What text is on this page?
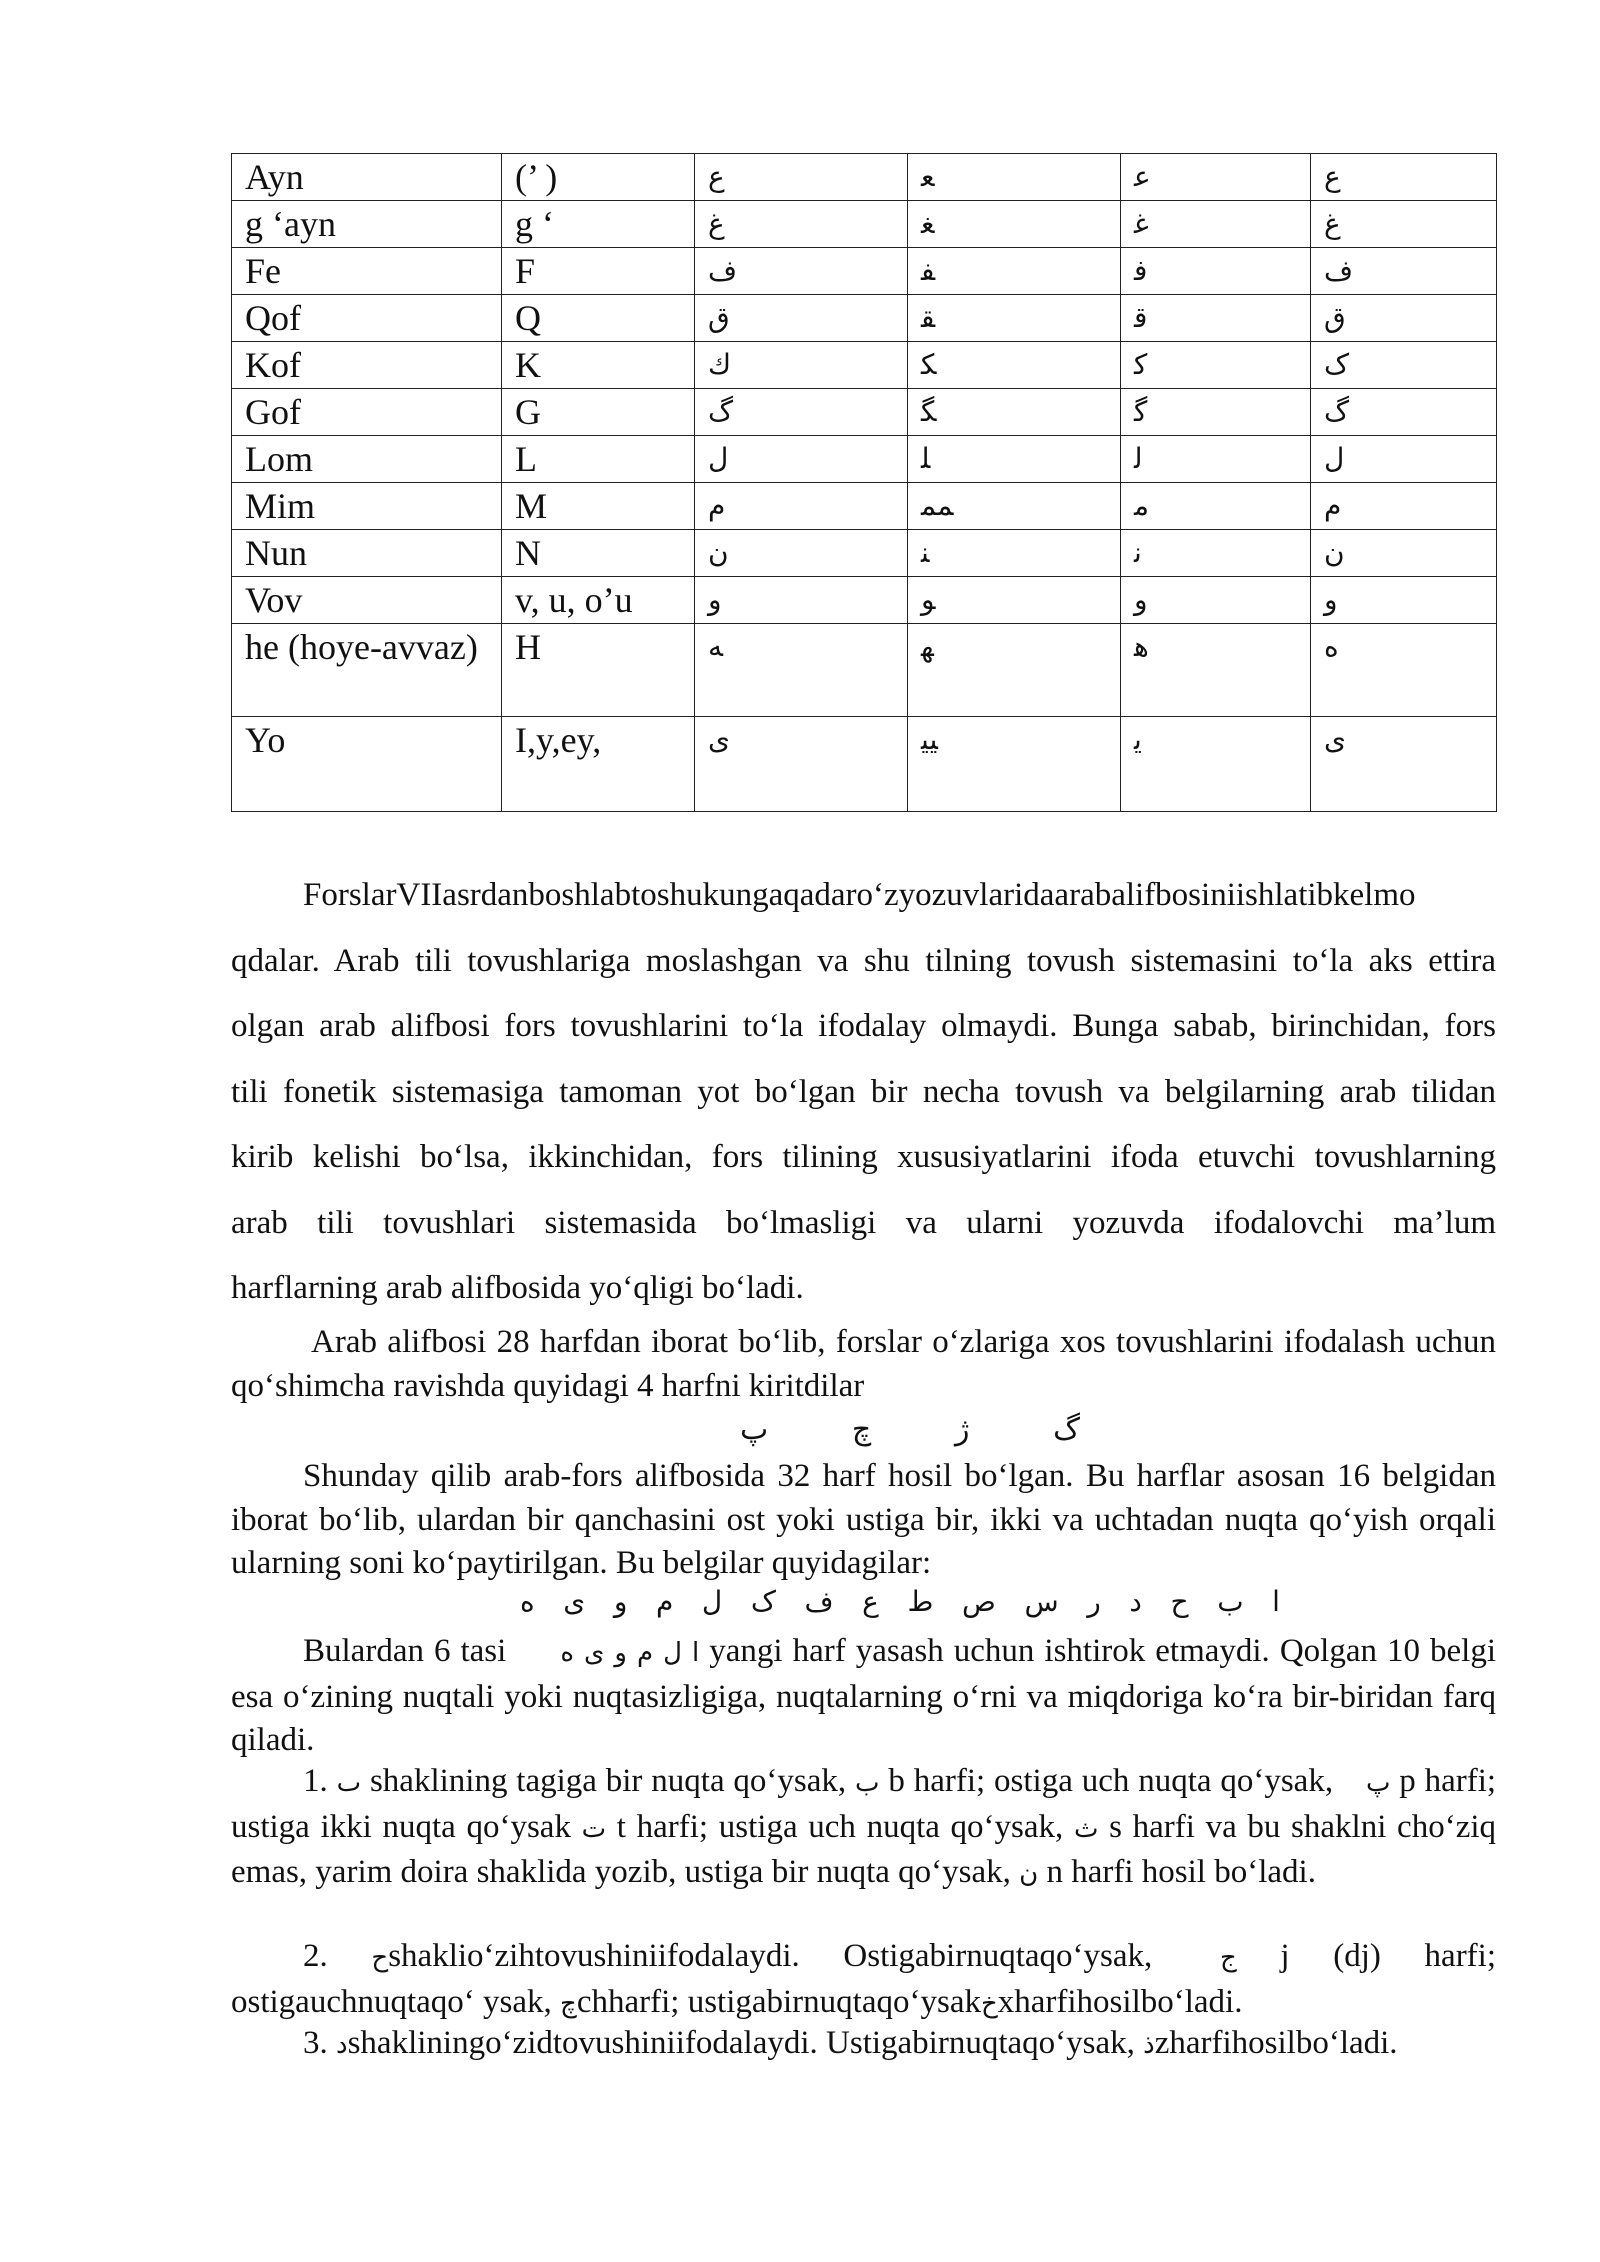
Ayn	(’ )	ع	ﻌ	ﻋ	ع
g ‘ayn	g ‘	غ	ﻐ	ﻏ	غ
Fe	F	ف	ﻔ	ﻓ	ف
Qof	Q	ق	ﻘ	ﻗ	ق
Kof	K	ك	ﻜ	ﻛ	ک
Gof	G	گ	ﮕ	ﮔ	گ
Lom	L	ل	ﻠ	ﻟ	ل
Mim	M	م	ﻤﻤ	ﻣ	م
Nun	N	ن	ﻨ	ﻧ	ن
Vov	v, u, o’u	و	ﻮ	و	و
he (hoye-avvaz)	H	ﻪ	ﻬ	ﻫ	ه
Yo	I,y,ey,	ی	ﯿﯿ	ﯾ	ی

ForslarVIIasrdanboshlabtoshukungaqadaro‘zyozuvlaridaarabalifbosiniishlatibkelmo
qdalar. Arab tili tovushlariga moslashgan va shu tilning tovush sistemasini to‘la aks ettira
olgan arab alifbosi fors tovushlarini to‘la ifodalay olmaydi. Bunga sabab, birinchidan, fors
tili fonetik sistemasiga tamoman yot bo‘lgan bir necha tovush va belgilarning arab tilidan
kirib kelishi bo‘lsa, ikkinchidan, fors tilining xususiyatlarini ifoda etuvchi tovushlarning
arab tili tovushlari sistemasida bo‘lmasligi va ularni yozuvda ifodalovchi ma’lum
harflarning arab alifbosida yo‘qligi bo‘ladi.

Arab alifbosi 28 harfdan iborat bo‘lib, forslar o‘zlariga xos tovushlarini ifodalash uchun qo‘shimcha ravishda quyidagi 4 harfni kiritdilar

پ	چ	ژ	گ

Shunday qilib arab-fors alifbosida 32 harf hosil bo‘lgan. Bu harflar asosan 16 belgidan iborat bo‘lib, ulardan bir qanchasini ost yoki ustiga bir, ikki va uchtadan nuqta qo‘yish orqali ularning soni ko‘paytirilgan. Bu belgilar quyidagilar:

ه ی و م ل ک ف ع ط ص س ر د ح ب ا

Bulardan 6 tasi ا ل م و ی ه yangi harf yasash uchun ishtirok etmaydi. Qolgan 10 belgi esa o‘zining nuqtali yoki nuqtasizligiga, nuqtalarning o‘rni va miqdoriga ko‘ra bir-biridan farq qiladi.

1. ٮ shaklining tagiga bir nuqta qo‘ysak, ب b harfi; ostiga uch nuqta qo‘ysak, پ p harfi; ustiga ikki nuqta qo‘ysak ت t harfi; ustiga uch nuqta qo‘ysak, ث s harfi va bu shaklni cho‘ziq emas, yarim doira shaklida yozib, ustiga bir nuqta qo‘ysak, ن n harfi hosil bo‘ladi.

2. حshaklio‘zihtovushiniifodalaydi. Ostigabirnuqtaqo‘ysak,	ج j (dj) harfi; ostigauchnuqtaqo‘ ysak, چchharfi; ustigabirnuqtaqo‘ysakخxharfihosilbo‘ladi.

3. دshakliningo‘zidtovushiniifodalaydi. Ustigabirnuqtaqo‘ysak, ذzharfihosilbo‘ladi.
